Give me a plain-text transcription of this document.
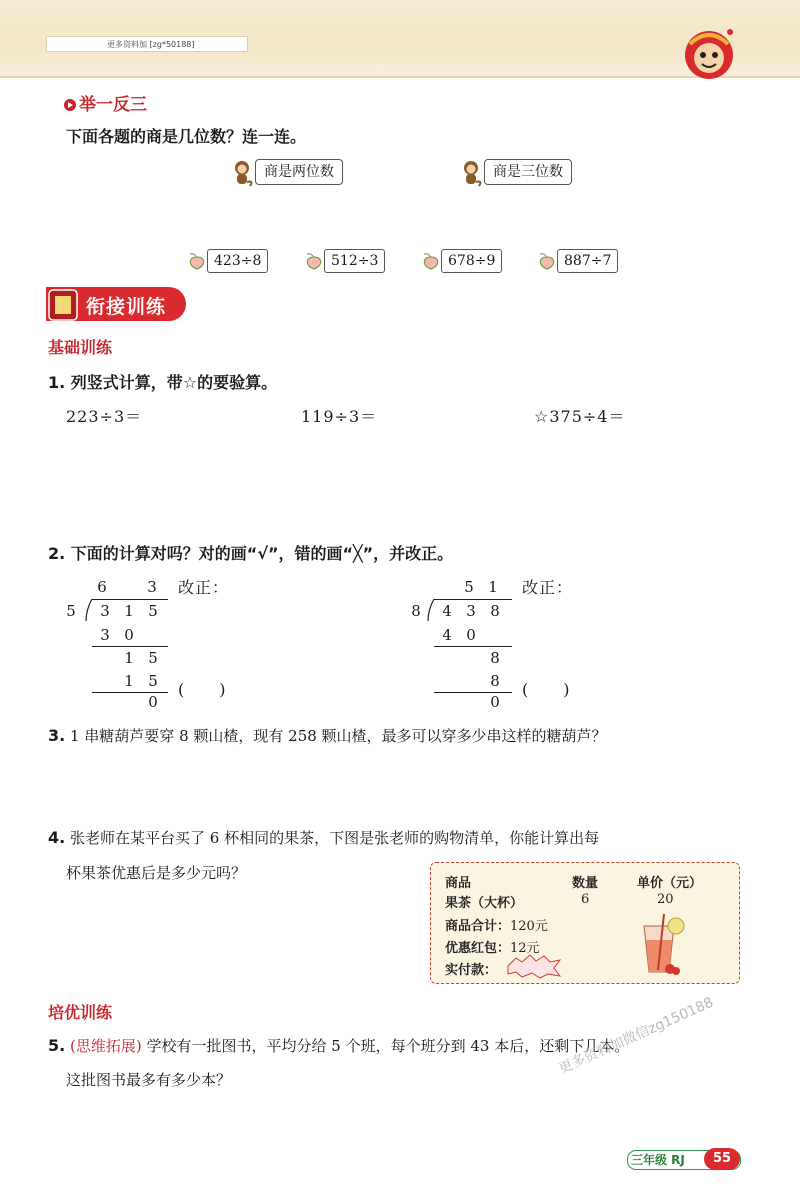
更多资料加 [zg*50188]
举一反三
下面各题的商是几位数？连一连。
商是两位数	商是三位数
423÷8	512÷3	678÷9	887÷7
衔接训练
基础训练
1. 列竖式计算，带☆的要验算。
223÷3＝	119÷3＝	☆375÷4＝
2. 下面的计算对吗？对的画“√”，错的画“╳”，并改正。
6	3
5 3 1 5
3 0
1 5
1 5
0
改正：
(　　)
5 1
8 4 3 8
4 0
8
8
0
改正：
(　　)
3. 1 串糖葫芦要穿 8 颗山楂，现有 258 颗山楂，最多可以穿多少串这样的糖葫芦？
4. 张老师在某平台买了 6 杯相同的果茶，下图是张老师的购物清单，你能计算出每
杯果茶优惠后是多少元吗？
商品	数量	单价（元）
果茶（大杯）	6	20
商品合计：120元
优惠红包：12元
实付款：
培优训练
5. (思维拓展) 学校有一批图书，平均分给 5 个班，每个班分到 43 本后，还剩下几本。
这批图书最多有多少本？
更多资料加微信zg150188
三年级 RJ	55
